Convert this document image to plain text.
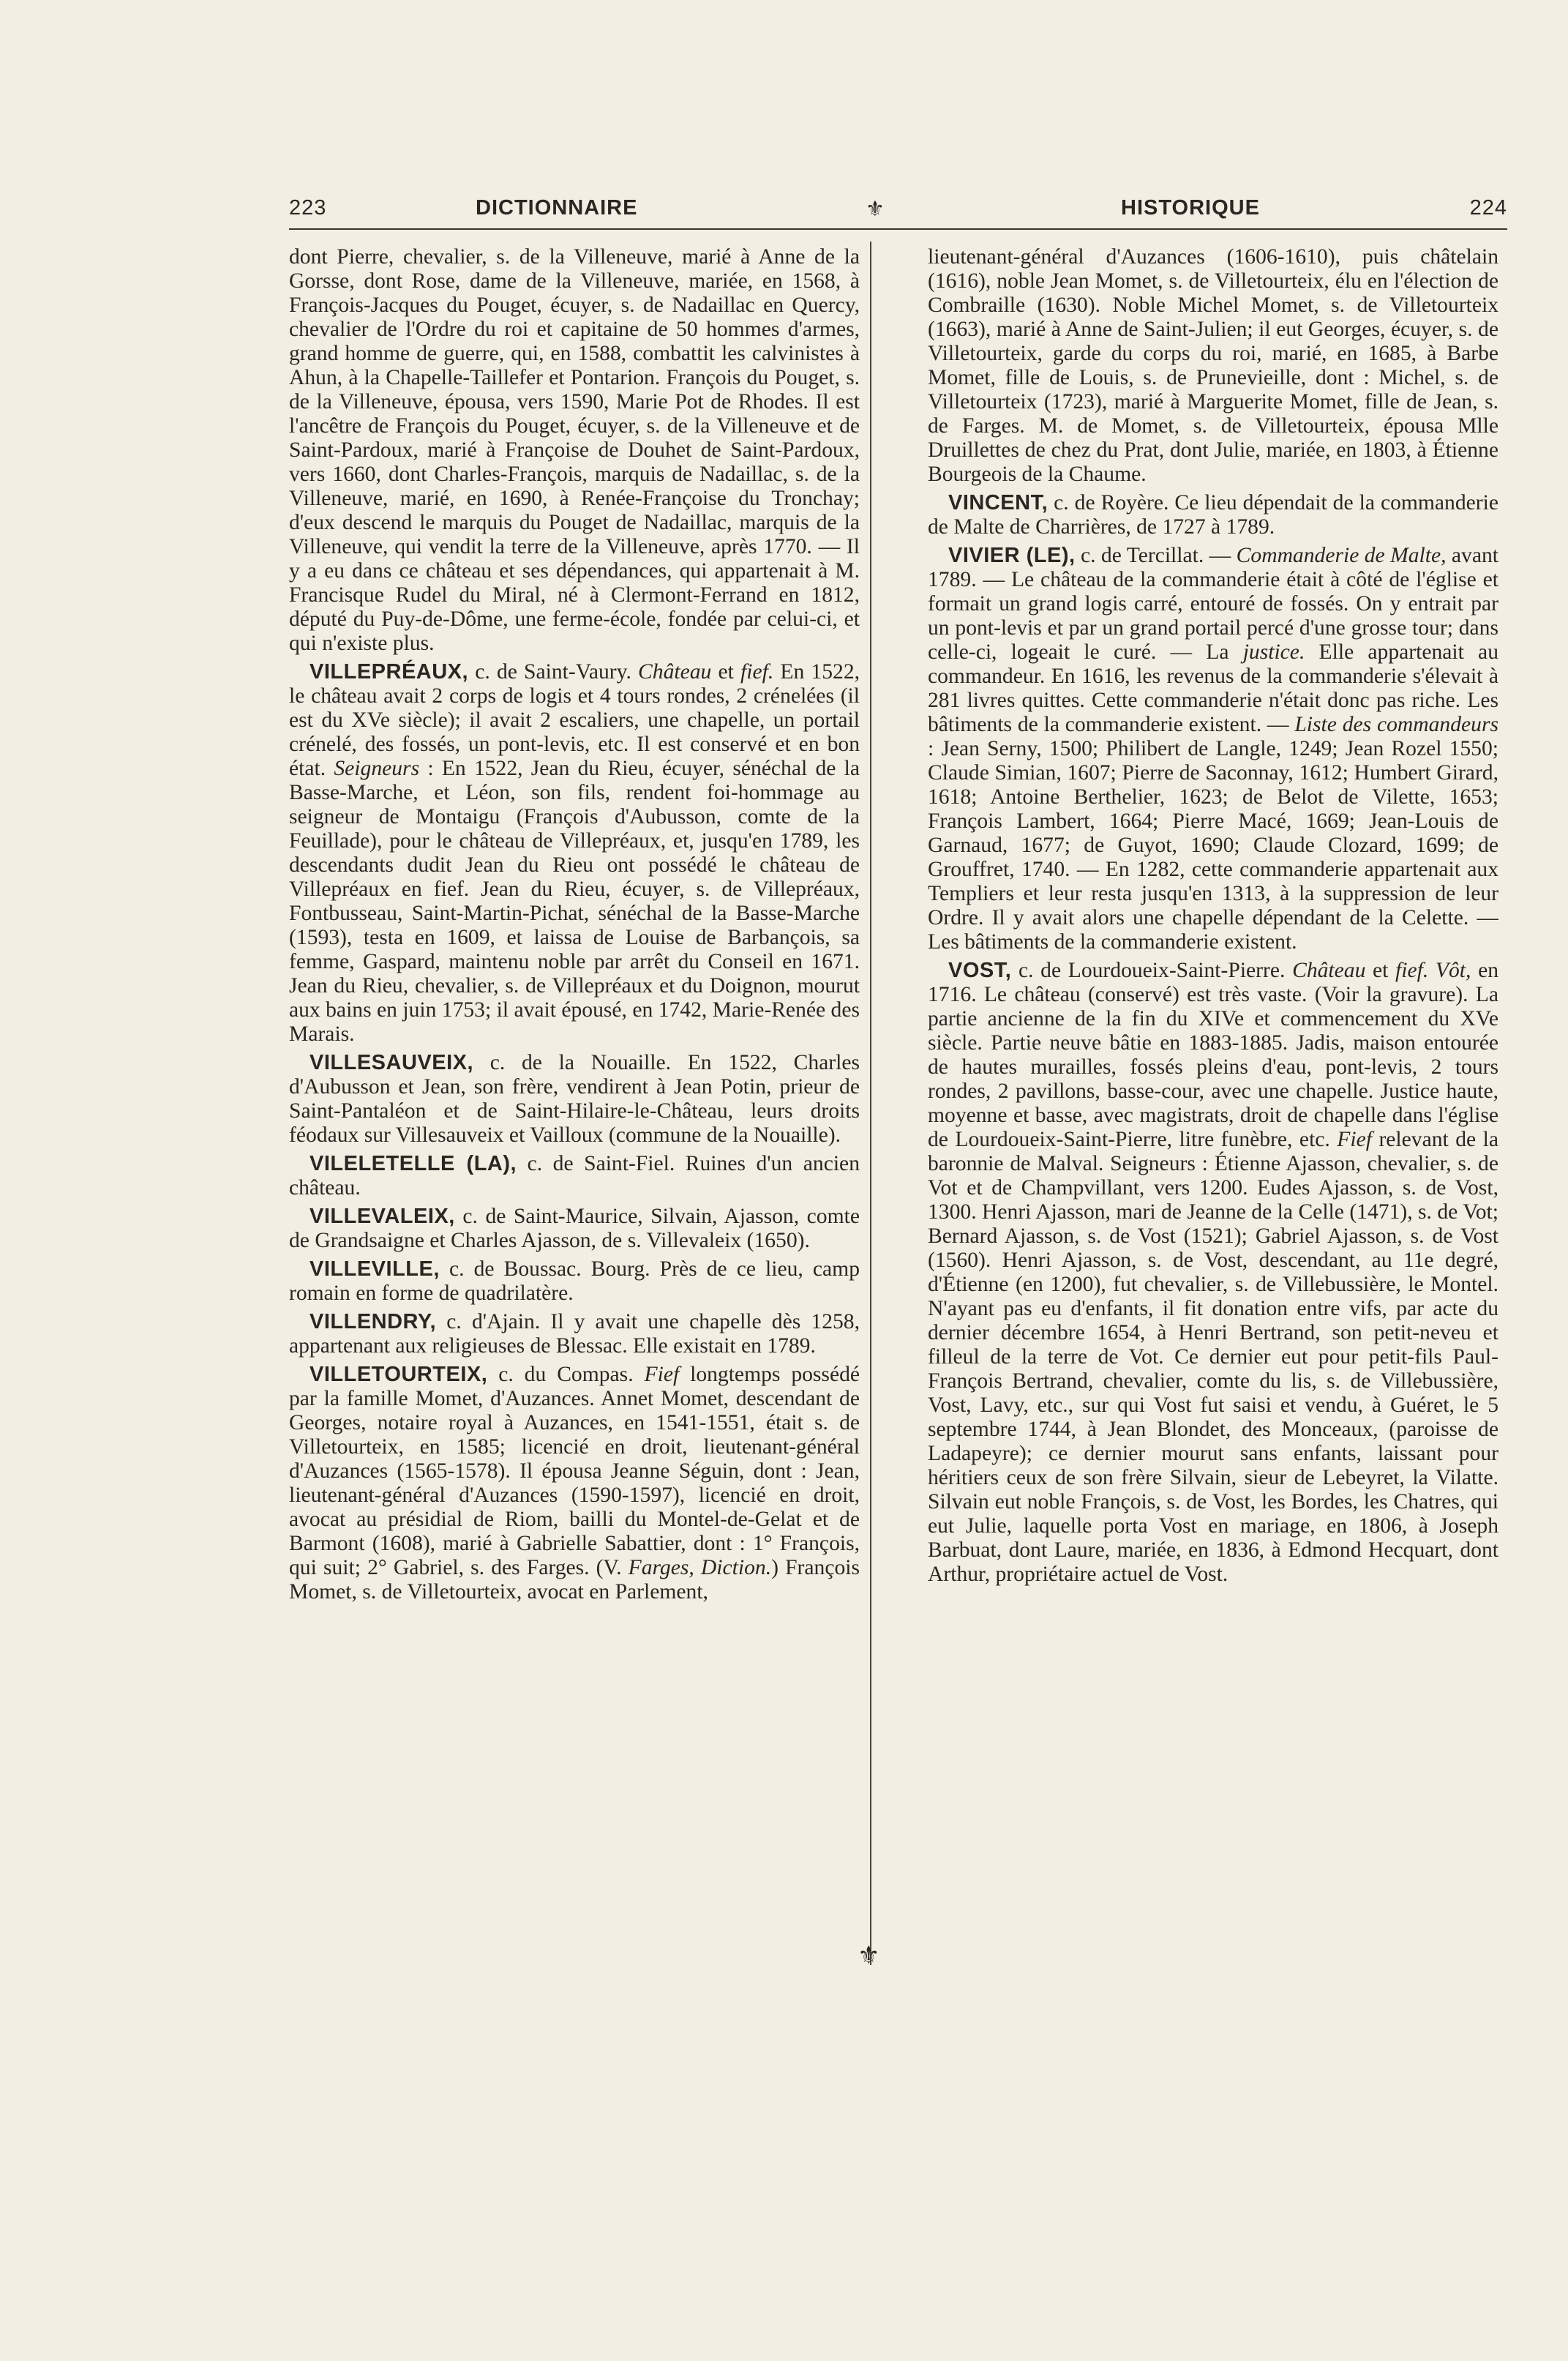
223	DICTIONNAIRE	⚜	HISTORIQUE	224

dont Pierre, chevalier, s. de la Villeneuve, marié à Anne de la Gorsse, dont Rose, dame de la Villeneuve, mariée, en 1568, à François-Jacques du Pouget, écuyer, s. de Nadaillac en Quercy, chevalier de l'Ordre du roi et capitaine de 50 hommes d'armes, grand homme de guerre, qui, en 1588, combattit les calvinistes à Ahun, à la Chapelle-Taillefer et Pontarion. François du Pouget, s. de la Villeneuve, épousa, vers 1590, Marie Pot de Rhodes. Il est l'ancêtre de François du Pouget, écuyer, s. de la Villeneuve et de Saint-Pardoux, marié à Françoise de Douhet de Saint-Pardoux, vers 1660, dont Charles-François, marquis de Nadaillac, s. de la Villeneuve, marié, en 1690, à Renée-Françoise du Tronchay; d'eux descend le marquis du Pouget de Nadaillac, marquis de la Villeneuve, qui vendit la terre de la Villeneuve, après 1770. — Il y a eu dans ce château et ses dépendances, qui appartenait à M. Francisque Rudel du Miral, né à Clermont-Ferrand en 1812, député du Puy-de-Dôme, une ferme-école, fondée par celui-ci, et qui n'existe plus.

VILLEPRÉAUX, c. de Saint-Vaury. Château et fief. En 1522, le château avait 2 corps de logis et 4 tours rondes, 2 crénelées (il est du XVe siècle); il avait 2 escaliers, une chapelle, un portail crénelé, des fossés, un pont-levis, etc. Il est conservé et en bon état. Seigneurs : En 1522, Jean du Rieu, écuyer, sénéchal de la Basse-Marche, et Léon, son fils, rendent foi-hommage au seigneur de Montaigu (François d'Aubusson, comte de la Feuillade), pour le château de Villepréaux, et, jusqu'en 1789, les descendants dudit Jean du Rieu ont possédé le château de Villepréaux en fief. Jean du Rieu, écuyer, s. de Villepréaux, Fontbusseau, Saint-Martin-Pichat, sénéchal de la Basse-Marche (1593), testa en 1609, et laissa de Louise de Barbançois, sa femme, Gaspard, maintenu noble par arrêt du Conseil en 1671. Jean du Rieu, chevalier, s. de Villepréaux et du Doignon, mourut aux bains en juin 1753; il avait épousé, en 1742, Marie-Renée des Marais.

VILLESAUVEIX, c. de la Nouaille. En 1522, Charles d'Aubusson et Jean, son frère, vendirent à Jean Potin, prieur de Saint-Pantaléon et de Saint-Hilaire-le-Château, leurs droits féodaux sur Villesauveix et Vailloux (commune de la Nouaille).

VILELETELLE (LA), c. de Saint-Fiel. Ruines d'un ancien château.

VILLEVALEIX, c. de Saint-Maurice, Silvain, Ajasson, comte de Grandsaigne et Charles Ajasson, de s. Villevaleix (1650).

VILLEVILLE, c. de Boussac. Bourg. Près de ce lieu, camp romain en forme de quadrilatère.

VILLENDRY, c. d'Ajain. Il y avait une chapelle dès 1258, appartenant aux religieuses de Blessac. Elle existait en 1789.

VILLETOURTEIX, c. du Compas. Fief longtemps possédé par la famille Momet, d'Auzances. Annet Momet, descendant de Georges, notaire royal à Auzances, en 1541-1551, était s. de Villetourteix, en 1585; licencié en droit, lieutenant-général d'Auzances (1565-1578). Il épousa Jeanne Séguin, dont : Jean, lieutenant-général d'Auzances (1590-1597), licencié en droit, avocat au présidial de Riom, bailli du Montel-de-Gelat et de Barmont (1608), marié à Gabrielle Sabattier, dont : 1° François, qui suit; 2° Gabriel, s. des Farges. (V. Farges, Diction.) François Momet, s. de Villetourteix, avocat en Parlement,

lieutenant-général d'Auzances (1606-1610), puis châtelain (1616), noble Jean Momet, s. de Villetourteix, élu en l'élection de Combraille (1630). Noble Michel Momet, s. de Villetourteix (1663), marié à Anne de Saint-Julien; il eut Georges, écuyer, s. de Villetourteix, garde du corps du roi, marié, en 1685, à Barbe Momet, fille de Louis, s. de Prunevieille, dont : Michel, s. de Villetourteix (1723), marié à Marguerite Momet, fille de Jean, s. de Farges. M. de Momet, s. de Villetourteix, épousa Mlle Druillettes de chez du Prat, dont Julie, mariée, en 1803, à Étienne Bourgeois de la Chaume.

VINCENT, c. de Royère. Ce lieu dépendait de la commanderie de Malte de Charrières, de 1727 à 1789.

VIVIER (LE), c. de Tercillat. — Commanderie de Malte, avant 1789. — Le château de la commanderie était à côté de l'église et formait un grand logis carré, entouré de fossés. On y entrait par un pont-levis et par un grand portail percé d'une grosse tour; dans celle-ci, logeait le curé. — La justice. Elle appartenait au commandeur. En 1616, les revenus de la commanderie s'élevait à 281 livres quittes. Cette commanderie n'était donc pas riche. Les bâtiments de la commanderie existent. — Liste des commandeurs : Jean Serny, 1500; Philibert de Langle, 1249; Jean Rozel 1550; Claude Simian, 1607; Pierre de Saconnay, 1612; Humbert Girard, 1618; Antoine Berthelier, 1623; de Belot de Vilette, 1653; François Lambert, 1664; Pierre Macé, 1669; Jean-Louis de Garnaud, 1677; de Guyot, 1690; Claude Clozard, 1699; de Grouffret, 1740. — En 1282, cette commanderie appartenait aux Templiers et leur resta jusqu'en 1313, à la suppression de leur Ordre. Il y avait alors une chapelle dépendant de la Celette. — Les bâtiments de la commanderie existent.

VOST, c. de Lourdoueix-Saint-Pierre. Château et fief. Vôt, en 1716. Le château (conservé) est très vaste. (Voir la gravure). La partie ancienne de la fin du XIVe et commencement du XVe siècle. Partie neuve bâtie en 1883-1885. Jadis, maison entourée de hautes murailles, fossés pleins d'eau, pont-levis, 2 tours rondes, 2 pavillons, basse-cour, avec une chapelle. Justice haute, moyenne et basse, avec magistrats, droit de chapelle dans l'église de Lourdoueix-Saint-Pierre, litre funèbre, etc. Fief relevant de la baronnie de Malval. Seigneurs : Étienne Ajasson, chevalier, s. de Vot et de Champvillant, vers 1200. Eudes Ajasson, s. de Vost, 1300. Henri Ajasson, mari de Jeanne de la Celle (1471), s. de Vot; Bernard Ajasson, s. de Vost (1521); Gabriel Ajasson, s. de Vost (1560). Henri Ajasson, s. de Vost, descendant, au 11e degré, d'Étienne (en 1200), fut chevalier, s. de Villebussière, le Montel. N'ayant pas eu d'enfants, il fit donation entre vifs, par acte du dernier décembre 1654, à Henri Bertrand, son petit-neveu et filleul de la terre de Vot. Ce dernier eut pour petit-fils Paul-François Bertrand, chevalier, comte du lis, s. de Villebussière, Vost, Lavy, etc., sur qui Vost fut saisi et vendu, à Guéret, le 5 septembre 1744, à Jean Blondet, des Monceaux, (paroisse de Ladapeyre); ce dernier mourut sans enfants, laissant pour héritiers ceux de son frère Silvain, sieur de Lebeyret, la Vilatte. Silvain eut noble François, s. de Vost, les Bordes, les Chatres, qui eut Julie, laquelle porta Vost en mariage, en 1806, à Joseph Barbuat, dont Laure, mariée, en 1836, à Edmond Hecquart, dont Arthur, propriétaire actuel de Vost.

⚜
